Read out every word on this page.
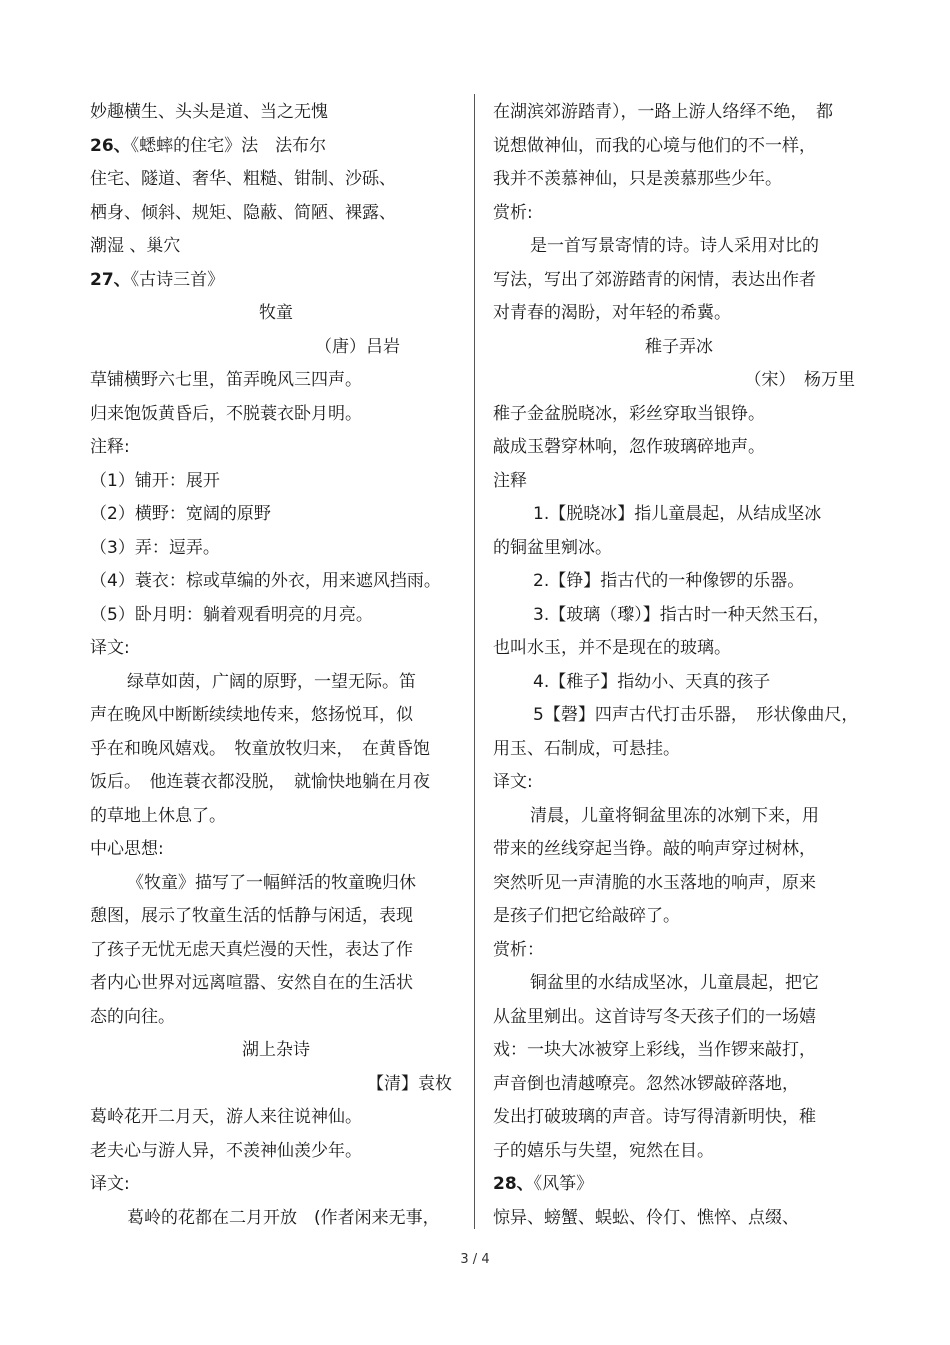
妙趣横生、头头是道、当之无愧
26、《蟋蟀的住宅》法　法布尔
住宅、隧道、奢华、粗糙、钳制、沙砾、
栖身、倾斜、规矩、隐蔽、简陋、裸露、
潮湿 、巢穴
27、《古诗三首》
牧童
（唐）吕岩
草铺横野六七里，笛弄晚风三四声。
归来饱饭黄昏后，不脱蓑衣卧月明。
注释:
（1）铺开：展开
（2）横野：宽阔的原野
（3）弄：逗弄。
（4）蓑衣：棕或草编的外衣，用来遮风挡雨。
（5）卧月明：躺着观看明亮的月亮。
译文:
绿草如茵，广阔的原野，一望无际。笛
声在晚风中断断续续地传来，悠扬悦耳，似
乎在和晚风嬉戏。　牧童放牧归来，　在黄昏饱
饭后。　他连蓑衣都没脱，　就愉快地躺在月夜
的草地上休息了。
中心思想:
《牧童》描写了一幅鲜活的牧童晚归休
憩图，展示了牧童生活的恬静与闲适，表现
了孩子无忧无虑天真烂漫的天性，表达了作
者内心世界对远离喧嚣、安然自在的生活状
态的向往。
湖上杂诗
【清】袁枚
葛岭花开二月天，游人来往说神仙。
老夫心与游人异，不羡神仙羡少年。
译文:
葛岭的花都在二月开放　(作者闲来无事，
在湖滨郊游踏青），一路上游人络绎不绝，　都
说想做神仙，而我的心境与他们的不一样，
我并不羡慕神仙，只是羡慕那些少年。
赏析:
是一首写景寄情的诗。诗人采用对比的
写法，写出了郊游踏青的闲情，表达出作者
对青春的渴盼，对年轻的希冀。
稚子弄冰
（宋）　杨万里
稚子金盆脱晓冰，彩丝穿取当银铮。
敲成玉磬穿林响，忽作玻璃碎地声。
注释
1.【脱晓冰】指儿童晨起，从结成坚冰
的铜盆里剜冰。
2.【铮】指古代的一种像锣的乐器。
3.【玻璃（瓈）】指古时一种天然玉石，
也叫水玉，并不是现在的玻璃。
4.【稚子】指幼小、天真的孩子
5【磬】四声古代打击乐器，　形状像曲尺，
用玉、石制成，可悬挂。
译文:
清晨，儿童将铜盆里冻的冰剜下来，用
带来的丝线穿起当铮。敲的响声穿过树林，
突然听见一声清脆的水玉落地的响声，原来
是孩子们把它给敲碎了。
赏析：
铜盆里的水结成坚冰，儿童晨起，把它
从盆里剜出。这首诗写冬天孩子们的一场嬉
戏：一块大冰被穿上彩线，当作锣来敲打，
声音倒也清越嘹亮。忽然冰锣敲碎落地，
发出打破玻璃的声音。诗写得清新明快，稚
子的嬉乐与失望，宛然在目。
28、《风筝》
惊异、螃蟹、蜈蚣、伶仃、憔悴、点缀、
3 / 4
